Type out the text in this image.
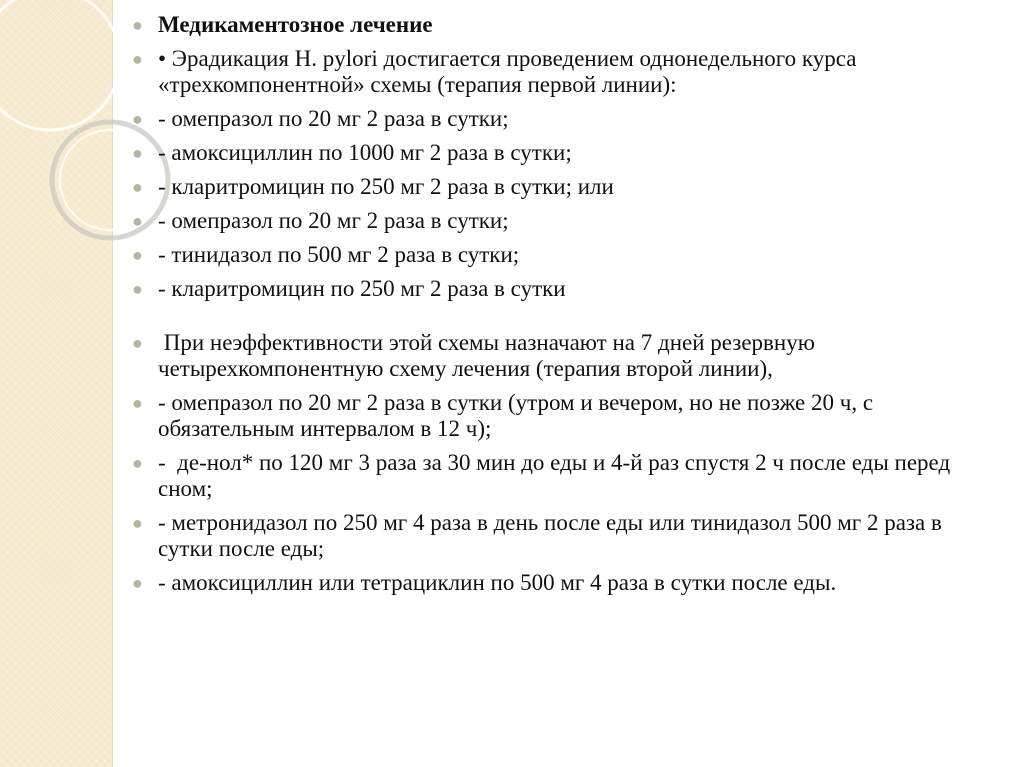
● Медикаментозное лечение
● • Эрадикация H. pylori достигается проведением однонедельного курса «трехкомпонентной» схемы (терапия первой линии):
● - омепразол по 20 мг 2 раза в сутки;
● - амоксициллин по 1000 мг 2 раза в сутки;
● - кларитромицин по 250 мг 2 раза в сутки; или
● - омепразол по 20 мг 2 раза в сутки;
● - тинидазол по 500 мг 2 раза в сутки;
● - кларитромицин по 250 мг 2 раза в сутки
● При неэффективности этой схемы назначают на 7 дней резервную четырехкомпонентную схему лечения (терапия второй линии),
● - омепразол по 20 мг 2 раза в сутки (утром и вечером, но не позже 20 ч, с обязательным интервалом в 12 ч);
● -  де-нол* по 120 мг 3 раза за 30 мин до еды и 4-й раз спустя 2 ч после еды перед сном;
● - метронидазол по 250 мг 4 раза в день после еды или тинидазол 500 мг 2 раза в сутки после еды;
● - амоксициллин или тетрациклин по 500 мг 4 раза в сутки после еды.
